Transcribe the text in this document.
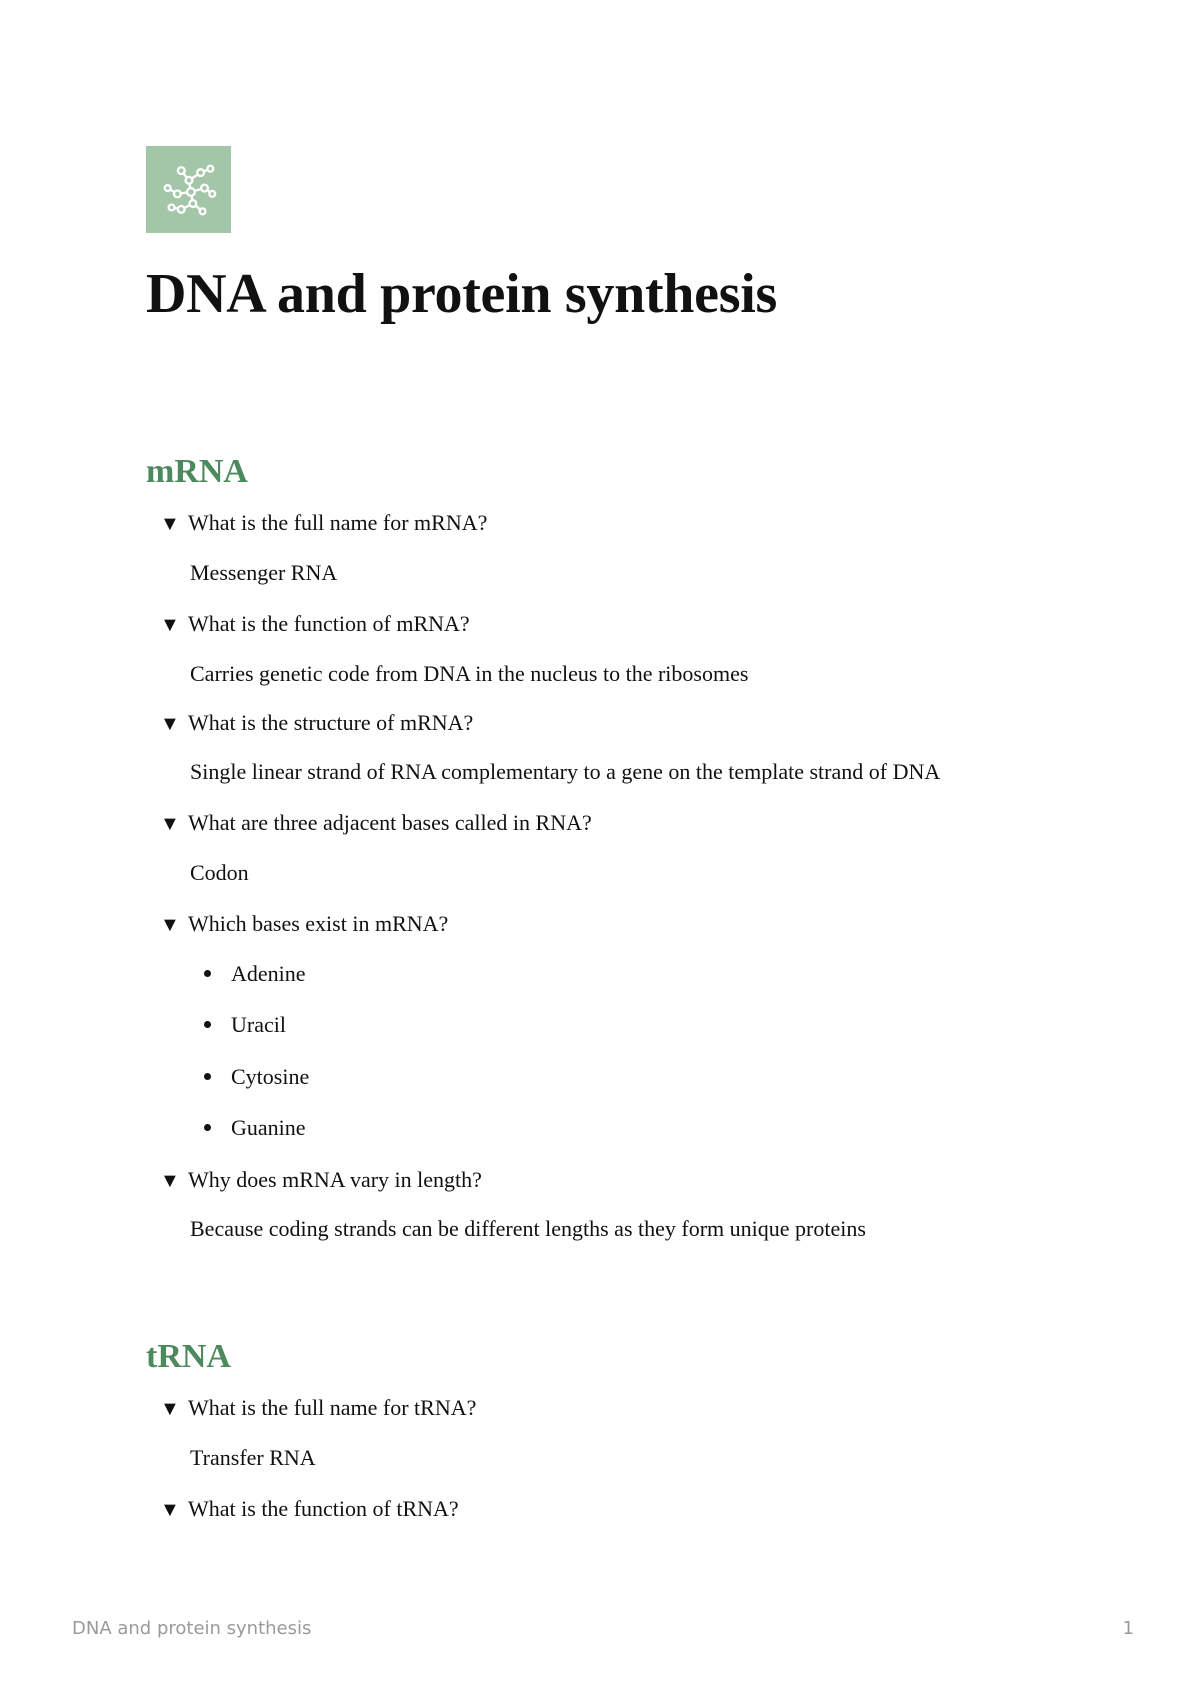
DNA and protein synthesis
mRNA
▼ What is the full name for mRNA?
Messenger RNA
▼ What is the function of mRNA?
Carries genetic code from DNA in the nucleus to the ribosomes
▼ What is the structure of mRNA?
Single linear strand of RNA complementary to a gene on the template strand of DNA
▼ What are three adjacent bases called in RNA?
Codon
▼ Which bases exist in mRNA?
Adenine
Uracil
Cytosine
Guanine
▼ Why does mRNA vary in length?
Because coding strands can be different lengths as they form unique proteins
tRNA
▼ What is the full name for tRNA?
Transfer RNA
▼ What is the function of tRNA?
DNA and protein synthesis	1
